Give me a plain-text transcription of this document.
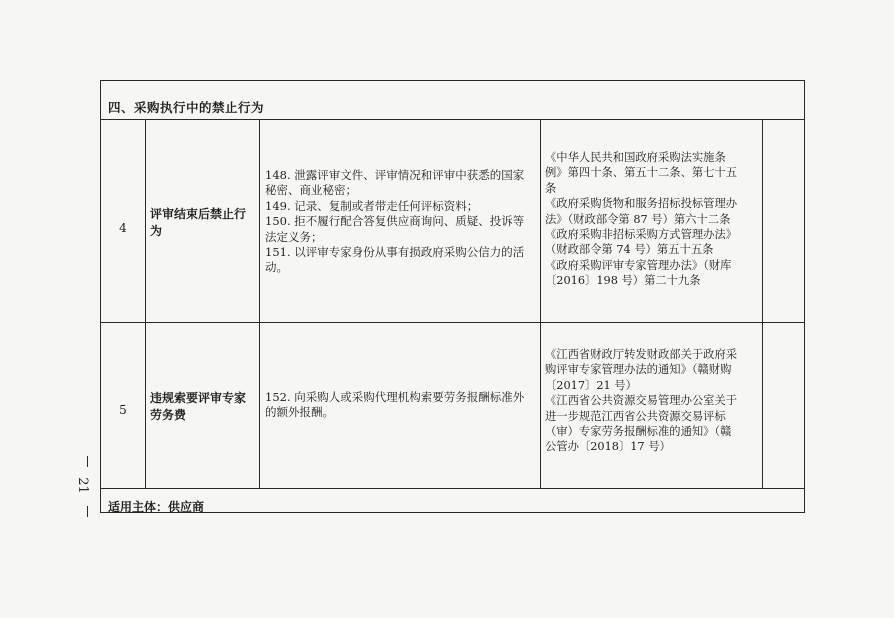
四、采购执行中的禁止行为
4
评审结束后禁止行
为
148. 泄露评审文件、评审情况和评审中获悉的国家
秘密、商业秘密；
149. 记录、复制或者带走任何评标资料；
150. 拒不履行配合答复供应商询问、质疑、投诉等
法定义务；
151. 以评审专家身份从事有损政府采购公信力的活
动。
《中华人民共和国政府采购法实施条
例》第四十条、第五十二条、第七十五
条
《政府采购货物和服务招标投标管理办
法》（财政部令第 87 号）第六十二条
《政府采购非招标采购方式管理办法》
（财政部令第 74 号）第五十五条
《政府采购评审专家管理办法》（财库
〔2016〕198 号）第二十九条
5
违规索要评审专家
劳务费
152. 向采购人或采购代理机构索要劳务报酬标准外
的额外报酬。
《江西省财政厅转发财政部关于政府采
购评审专家管理办法的通知》（赣财购
〔2017〕21 号）
《江西省公共资源交易管理办公室关于
进一步规范江西省公共资源交易评标
（审）专家劳务报酬标准的通知》（赣
公管办〔2018〕17 号）
适用主体：供应商
21
